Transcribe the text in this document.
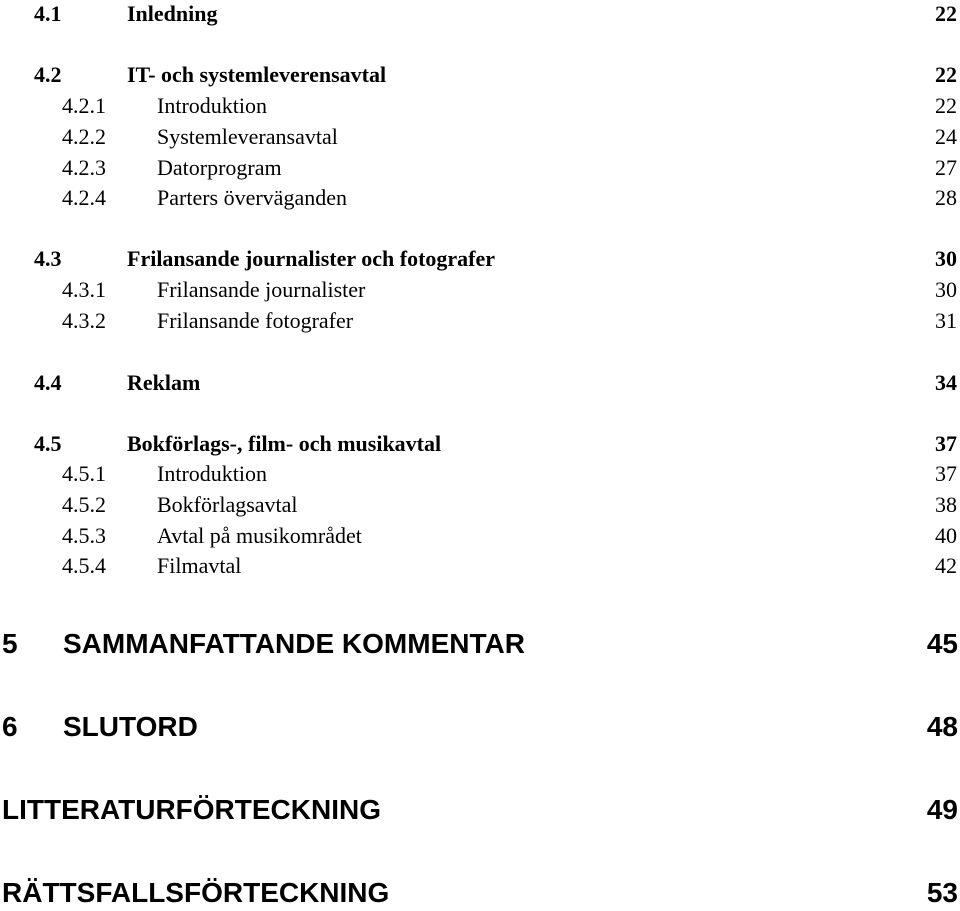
4.1	Inledning	22
4.2	IT- och systemleverensavtal	22
4.2.1 Introduktion	22
4.2.2 Systemleveransavtal	24
4.2.3 Datorprogram	27
4.2.4 Parters överväganden	28
4.3	Frilansande journalister och fotografer	30
4.3.1 Frilansande journalister	30
4.3.2 Frilansande fotografer	31
4.4	Reklam	34
4.5	Bokförlags-, film- och musikavtal	37
4.5.1 Introduktion	37
4.5.2 Bokförlagsavtal	38
4.5.3 Avtal på musikområdet	40
4.5.4 Filmavtal	42
5 SAMMANFATTANDE KOMMENTAR	45
6 SLUTORD	48
LITTERATURFÖRTECKNING	49
RÄTTSFALLSFÖRTECKNING	53
